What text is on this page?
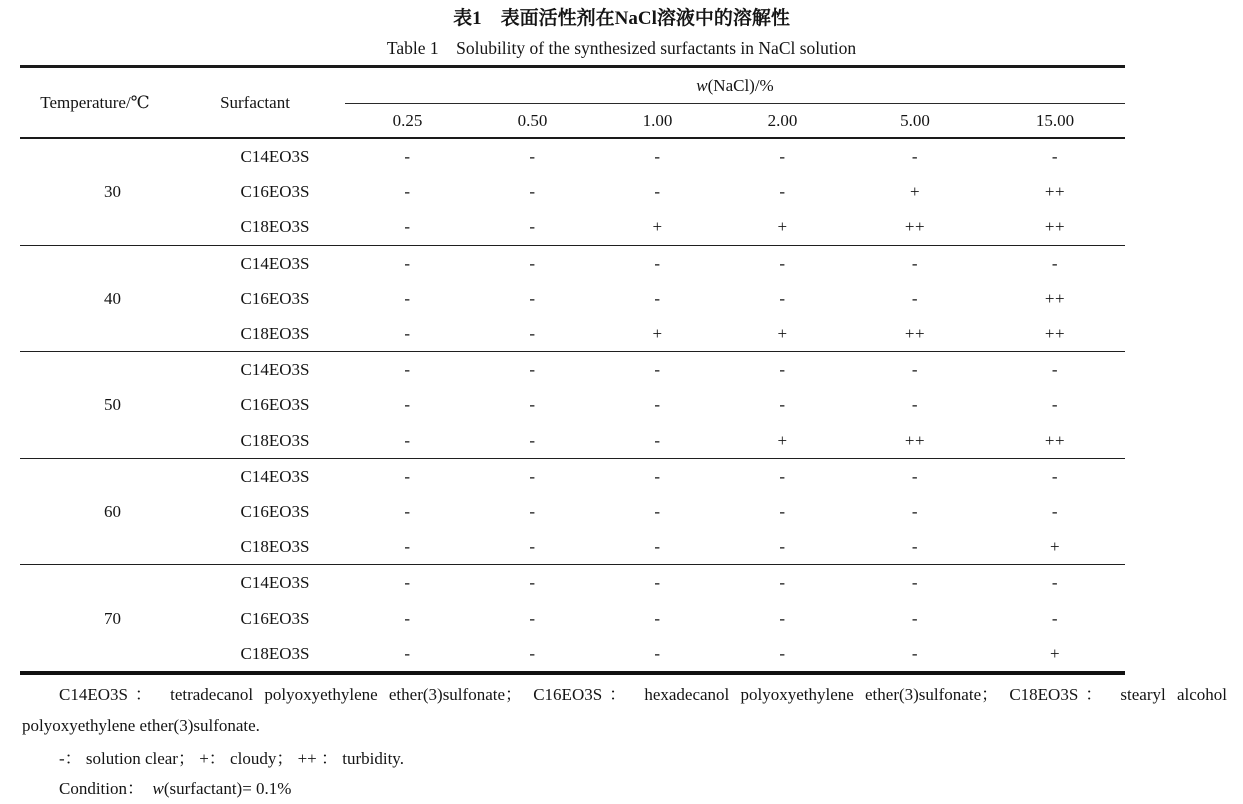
表1　表面活性剂在NaCl溶液中的溶解性
Table 1    Solubility of the synthesized surfactants in NaCl solution
Temperature/℃	Surfactant
w (NaCl)/%
0.25	0.50	1.00	2.00	5.00	15.00
30
C14EO3S	-	-	-	-	-	-
C16EO3S	-	-	-	-	+	++
C18EO3S	-	-	+	+	++	++
40
C14EO3S	-	-	-	-	-	-
C16EO3S	-	-	-	-	-	++
C18EO3S	-	-	+	+	++	++
50
C14EO3S	-	-	-	-	-	-
C16EO3S	-	-	-	-	-	-
C18EO3S	-	-	-	+	++	++
60
C14EO3S	-	-	-	-	-	-
C16EO3S	-	-	-	-	-	-
C18EO3S	-	-	-	-	-	+
70
C14EO3S	-	-	-	-	-	-
C16EO3S	-	-	-	-	-	-
C18EO3S	-	-	-	-	-	+
C14EO3S： tetradecanol polyoxyethylene ether(3)sulfonate； C16EO3S： hexadecanol polyoxyethylene ether(3)sulfonate； C18EO3S： stearyl alcohol polyoxyethylene ether(3)sulfonate.
-： solution clear； +： cloudy； ++ ： turbidity.
Condition：  w(surfactant)= 0.1%
